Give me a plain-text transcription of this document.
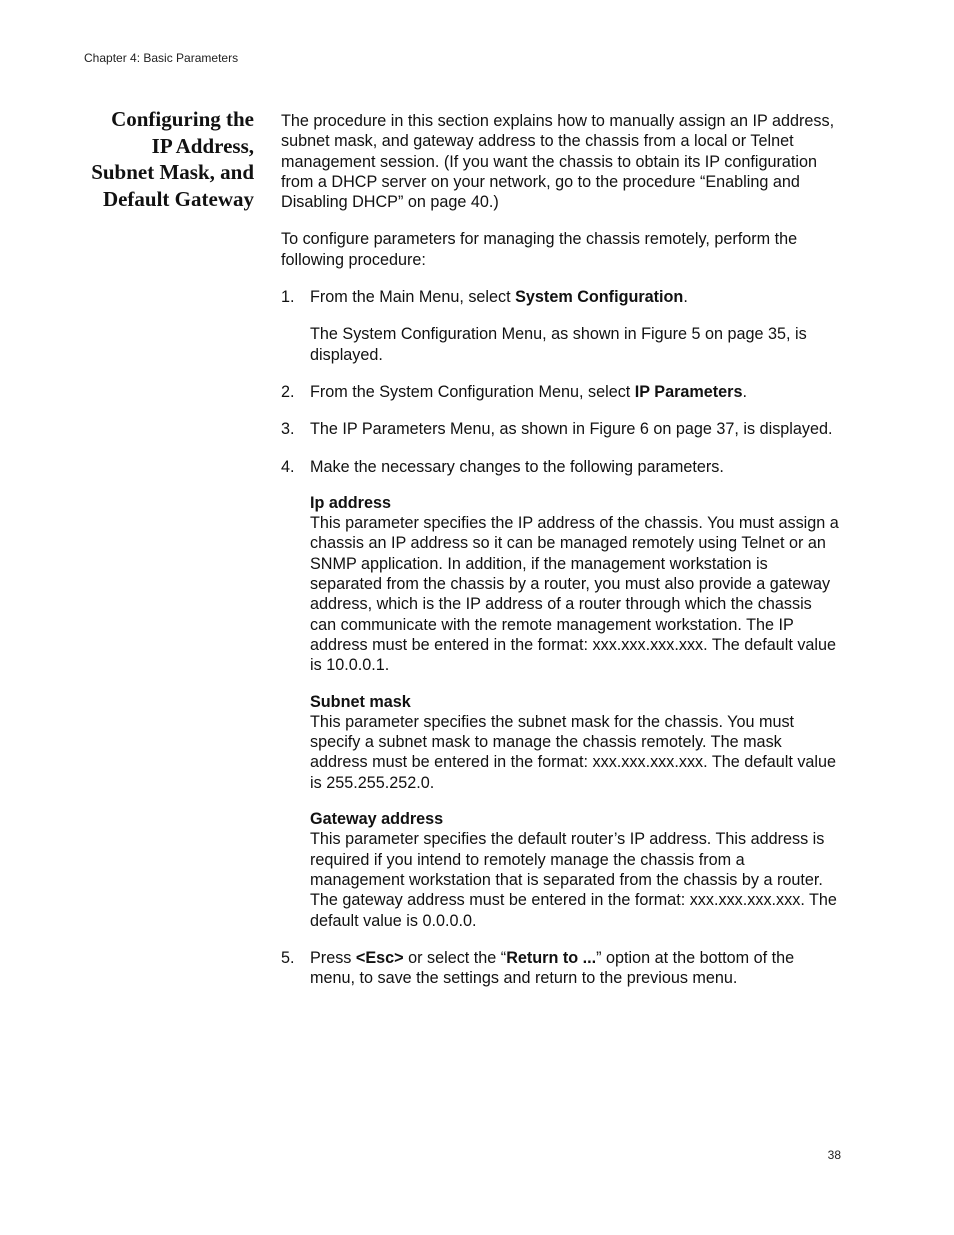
Chapter 4: Basic Parameters
Configuring the
IP Address,
Subnet Mask, and
Default Gateway

The procedure in this section explains how to manually assign an IP address, subnet mask, and gateway address to the chassis from a local or Telnet management session. (If you want the chassis to obtain its IP configuration from a DHCP server on your network, go to the procedure “Enabling and Disabling DHCP” on page 40.)

To configure parameters for managing the chassis remotely, perform the following procedure:

1. From the Main Menu, select System Configuration.

The System Configuration Menu, as shown in Figure 5 on page 35, is displayed.

2. From the System Configuration Menu, select IP Parameters.

3. The IP Parameters Menu, as shown in Figure 6 on page 37, is displayed.

4. Make the necessary changes to the following parameters.

Ip address

This parameter specifies the IP address of the chassis. You must assign a chassis an IP address so it can be managed remotely using Telnet or an SNMP application. In addition, if the management workstation is separated from the chassis by a router, you must also provide a gateway address, which is the IP address of a router through which the chassis can communicate with the remote management workstation. The IP address must be entered in the format: xxx.xxx.xxx.xxx. The default value is 10.0.0.1.

Subnet mask

This parameter specifies the subnet mask for the chassis. You must specify a subnet mask to manage the chassis remotely. The mask address must be entered in the format: xxx.xxx.xxx.xxx. The default value is 255.255.252.0.

Gateway address

This parameter specifies the default router’s IP address. This address is required if you intend to remotely manage the chassis from a management workstation that is separated from the chassis by a router. The gateway address must be entered in the format: xxx.xxx.xxx.xxx. The default value is 0.0.0.0.

5. Press <Esc> or select the “Return to ...” option at the bottom of the menu, to save the settings and return to the previous menu.

38
